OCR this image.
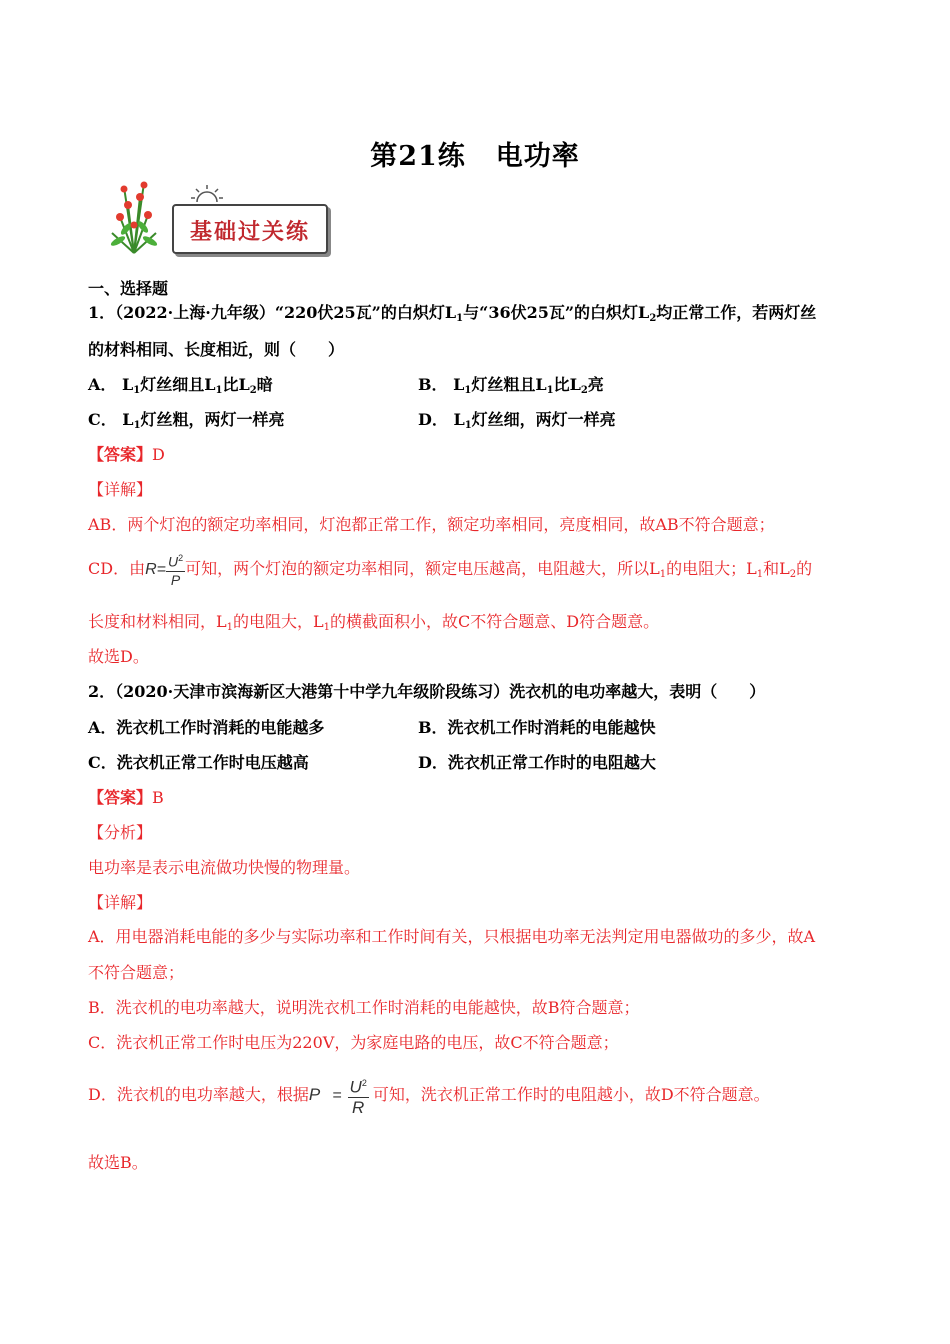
第21练 电功率
基础过关练
一、选择题
1．（2022·上海·九年级）“220伏25瓦”的白炽灯$L_1$与“36伏25瓦”的白炽灯$L_2$均正常工作，若两灯丝
的材料相同、长度相近，则（　　）
A． $L_1$灯丝细且$L_1$比$L_2$暗	B． $L_1$灯丝粗且$L_1$比$L_2$亮
C． $L_1$灯丝粗，两灯一样亮	D． $L_1$灯丝细，两灯一样亮
【答案】D
【详解】
AB．两个灯泡的额定功率相同，灯泡都正常工作，额定功率相同，亮度相同，故AB不符合题意；
CD．由$R= \frac{U^2}{P}$ 可知，两个灯泡的额定功率相同，额定电压越高，电阻越大，所以$L_1$的电阻大；$L_1$和$L_2$的
长度和材料相同，$L_1$的电阻大，$L_1$的横截面积小，故C不符合题意、D符合题意。
故选D。
2．（2020·天津市滨海新区大港第十中学九年级阶段练习）洗衣机的电功率越大，表明（　　）
A．洗衣机工作时消耗的电能越多	B．洗衣机工作时消耗的电能越快
C．洗衣机正常工作时电压越高	D．洗衣机正常工作时的电阻越大
【答案】B
【分析】
电功率是表示电流做功快慢的物理量。
【详解】
A．用电器消耗电能的多少与实际功率和工作时间有关，只根据电功率无法判定用电器做功的多少，故A
不符合题意；
B．洗衣机的电功率越大，说明洗衣机工作时消耗的电能越快，故B符合题意；
C．洗衣机正常工作时电压为220V，为家庭电路的电压，故C不符合题意；
D．洗衣机的电功率越大，根据$P = \frac{U^2}{R}$ 可知，洗衣机正常工作时的电阻越小，故D不符合题意。
故选B。
